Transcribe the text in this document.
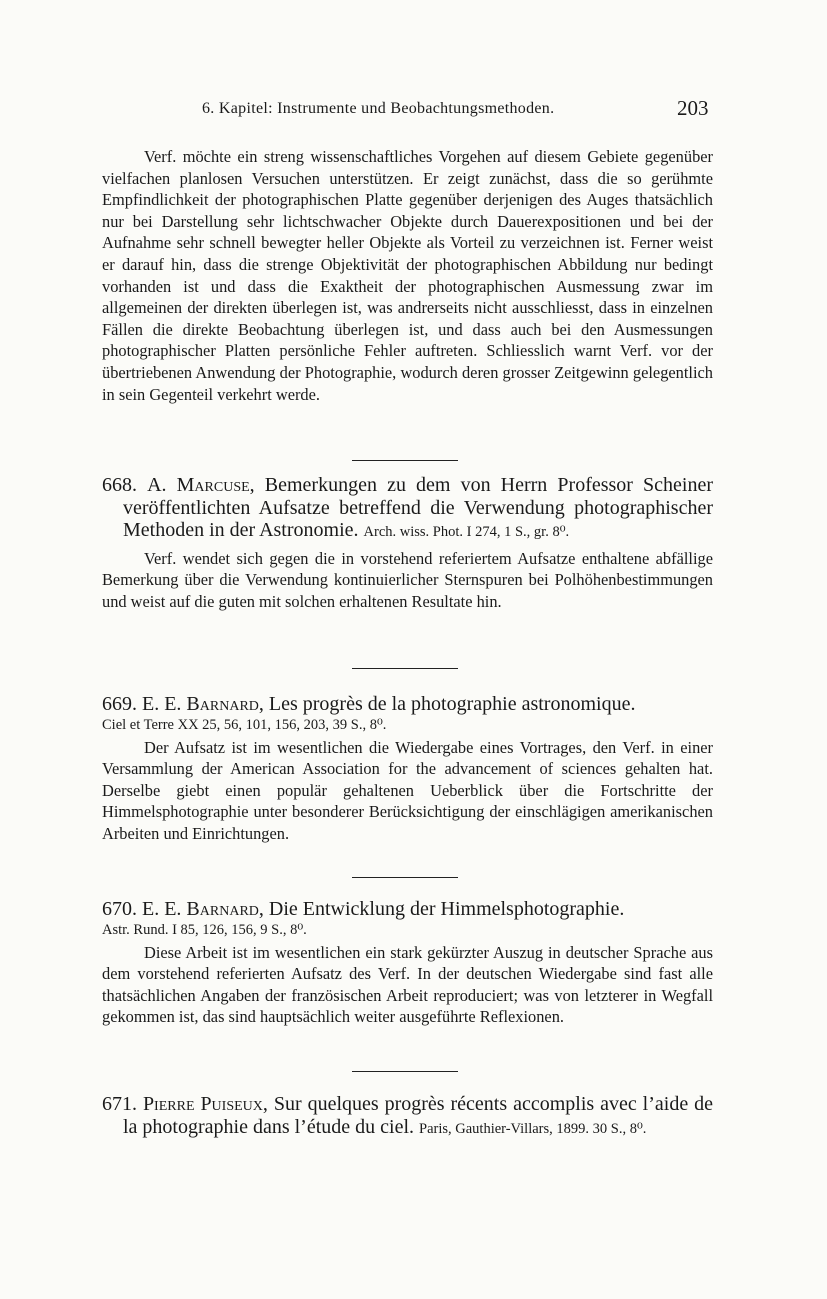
6. Kapitel: Instrumente und Beobachtungsmethoden.	203

Verf. möchte ein streng wissenschaftliches Vorgehen auf diesem Gebiete gegenüber vielfachen planlosen Versuchen unterstützen. Er zeigt zunächst, dass die so gerühmte Empfindlichkeit der photographischen Platte gegenüber derjenigen des Auges thatsächlich nur bei Darstellung sehr lichtschwacher Objekte durch Dauerexpositionen und bei der Aufnahme sehr schnell bewegter heller Objekte als Vorteil zu verzeichnen ist. Ferner weist er darauf hin, dass die strenge Objektivität der photographischen Abbildung nur bedingt vorhanden ist und dass die Exaktheit der photographischen Ausmessung zwar im allgemeinen der direkten überlegen ist, was andrerseits nicht ausschliesst, dass in einzelnen Fällen die direkte Beobachtung überlegen ist, und dass auch bei den Ausmessungen photographischer Platten persönliche Fehler auftreten. Schliesslich warnt Verf. vor der übertriebenen Anwendung der Photographie, wodurch deren grosser Zeitgewinn gelegentlich in sein Gegenteil verkehrt werde.

668. A. Marcuse, Bemerkungen zu dem von Herrn Professor Scheiner veröffentlichten Aufsatze betreffend die Verwendung photographischer Methoden in der Astronomie. Arch. wiss. Phot. I 274, 1 S., gr. 8⁰.

Verf. wendet sich gegen die in vorstehend referiertem Aufsatze enthaltene abfällige Bemerkung über die Verwendung kontinuierlicher Sternspuren bei Polhöhenbestimmungen und weist auf die guten mit solchen erhaltenen Resultate hin.

669. E. E. Barnard, Les progrès de la photographie astronomique.
Ciel et Terre XX 25, 56, 101, 156, 203, 39 S., 8⁰.

Der Aufsatz ist im wesentlichen die Wiedergabe eines Vortrages, den Verf. in einer Versammlung der American Association for the advancement of sciences gehalten hat. Derselbe giebt einen populär gehaltenen Ueberblick über die Fortschritte der Himmelsphotographie unter besonderer Berücksichtigung der einschlägigen amerikanischen Arbeiten und Einrichtungen.

670. E. E. Barnard, Die Entwicklung der Himmelsphotographie.
Astr. Rund. I 85, 126, 156, 9 S., 8⁰.

Diese Arbeit ist im wesentlichen ein stark gekürzter Auszug in deutscher Sprache aus dem vorstehend referierten Aufsatz des Verf. In der deutschen Wiedergabe sind fast alle thatsächlichen Angaben der französischen Arbeit reproduciert; was von letzterer in Wegfall gekommen ist, das sind hauptsächlich weiter ausgeführte Reflexionen.

671. Pierre Puiseux, Sur quelques progrès récents accomplis avec l’aide de la photographie dans l’étude du ciel. Paris, Gauthier-Villars, 1899. 30 S., 8⁰.
